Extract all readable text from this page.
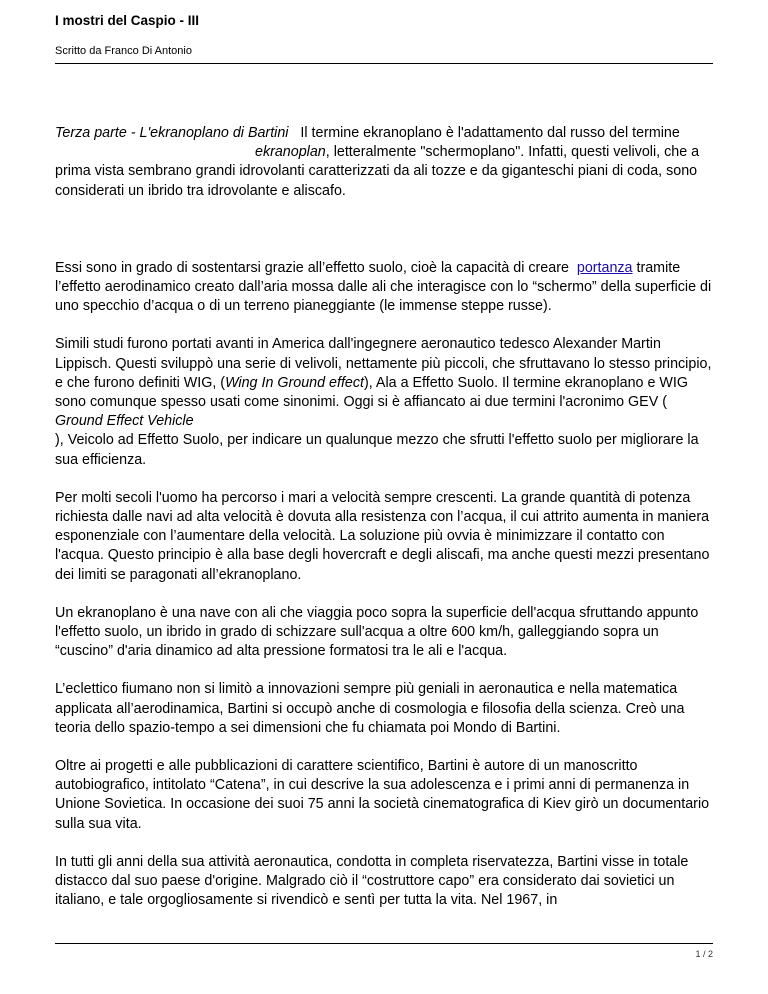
I mostri del Caspio - III
Scritto da Franco Di Antonio

Terza parte - L'ekranoplano di Bartini Il termine ekranoplano è l'adattamento dal russo del termineekranoplan, letteralmente "schermoplano". Infatti, questi velivoli, che a prima vista sembrano grandi idrovolanti caratterizzati da ali tozze e da giganteschi piani di coda, sono considerati un ibrido tra idrovolante e aliscafo.

Essi sono in grado di sostentarsi grazie all’effetto suolo, cioè la capacità di creare portanza tramite l’effetto aerodinamico creato dall’aria mossa dalle ali che interagisce con lo “schermo” della superficie di uno specchio d’acqua o di un terreno pianeggiante (le immense steppe russe).

Simili studi furono portati avanti in America dall'ingegnere aeronautico tedesco Alexander Martin Lippisch. Questi sviluppò una serie di velivoli, nettamente più piccoli, che sfruttavano lo stesso principio, e che furono definiti WIG, (Wing In Ground effect), Ala a Effetto Suolo. Il termine ekranoplano e WIG sono comunque spesso usati come sinonimi. Oggi si è affiancato ai due termini l'acronimo GEV (
Ground Effect Vehicle
), Veicolo ad Effetto Suolo, per indicare un qualunque mezzo che sfrutti l'effetto suolo per migliorare la sua efficienza.

Per molti secoli l'uomo ha percorso i mari a velocità sempre crescenti. La grande quantità di potenza richiesta dalle navi ad alta velocità è dovuta alla resistenza con l’acqua, il cui attrito aumenta in maniera esponenziale con l’aumentare della velocità. La soluzione più ovvia è minimizzare il contatto con l'acqua. Questo principio è alla base degli hovercraft e degli aliscafi, ma anche questi mezzi presentano dei limiti se paragonati all’ekranoplano.

Un ekranoplano è una nave con ali che viaggia poco sopra la superficie dell'acqua sfruttando appunto l'effetto suolo, un ibrido in grado di schizzare sull'acqua a oltre 600 km/h, galleggiando sopra un “cuscino” d'aria dinamico ad alta pressione formatosi tra le ali e l'acqua.

L’eclettico fiumano non si limitò a innovazioni sempre più geniali in aeronautica e nella matematica applicata all’aerodinamica, Bartini si occupò anche di cosmologia e filosofia della scienza. Creò una teoria dello spazio-tempo a sei dimensioni che fu chiamata poi Mondo di Bartini.

Oltre ai progetti e alle pubblicazioni di carattere scientifico, Bartini è autore di un manoscritto autobiografico, intitolato “Catena”, in cui descrive la sua adolescenza e i primi anni di permanenza in Unione Sovietica. In occasione dei suoi 75 anni la società cinematografica di Kiev girò un documentario sulla sua vita.

In tutti gli anni della sua attività aeronautica, condotta in completa riservatezza, Bartini visse in totale distacco dal suo paese d'origine. Malgrado ciò il “costruttore capo” era considerato dai sovietici un italiano, e tale orgogliosamente si rivendicò e sentì per tutta la vita. Nel 1967, in

1 / 2
